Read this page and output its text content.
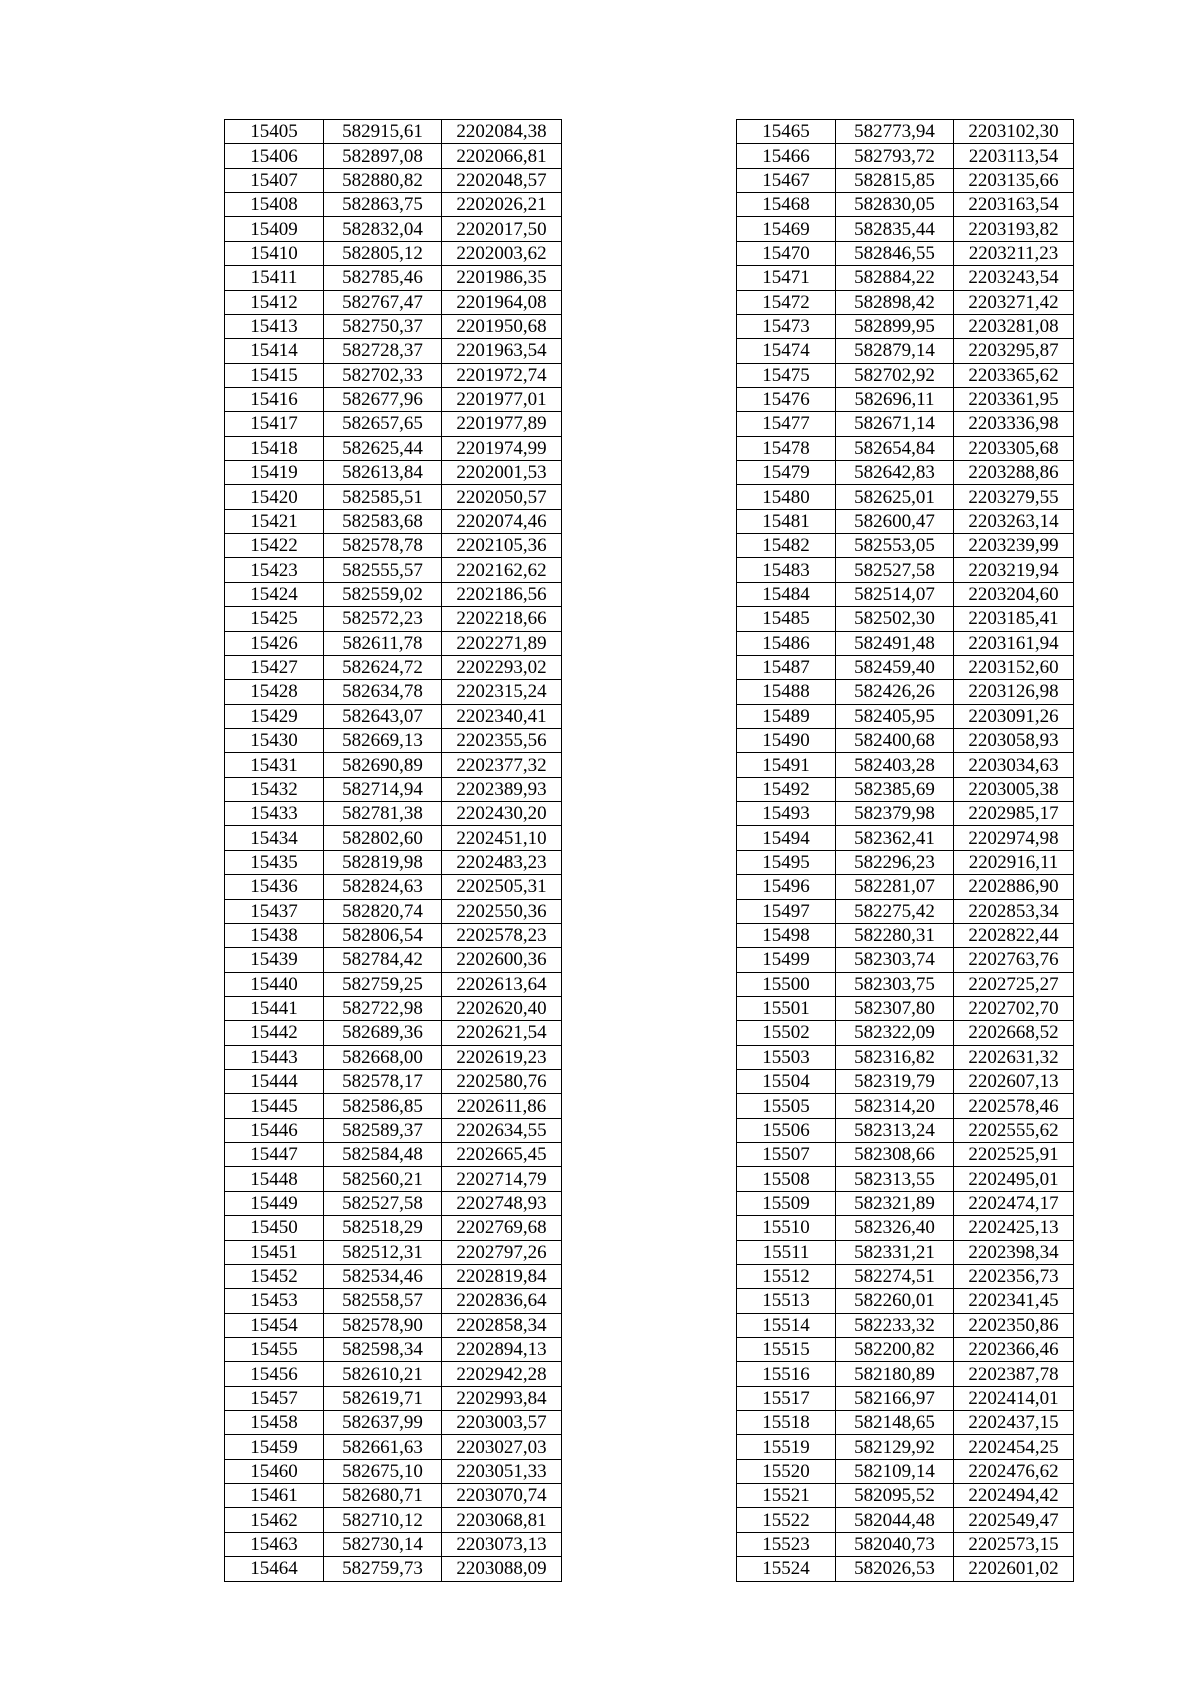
15405	582915,61	2202084,38
15406	582897,08	2202066,81
15407	582880,82	2202048,57
15408	582863,75	2202026,21
15409	582832,04	2202017,50
15410	582805,12	2202003,62
15411	582785,46	2201986,35
15412	582767,47	2201964,08
15413	582750,37	2201950,68
15414	582728,37	2201963,54
15415	582702,33	2201972,74
15416	582677,96	2201977,01
15417	582657,65	2201977,89
15418	582625,44	2201974,99
15419	582613,84	2202001,53
15420	582585,51	2202050,57
15421	582583,68	2202074,46
15422	582578,78	2202105,36
15423	582555,57	2202162,62
15424	582559,02	2202186,56
15425	582572,23	2202218,66
15426	582611,78	2202271,89
15427	582624,72	2202293,02
15428	582634,78	2202315,24
15429	582643,07	2202340,41
15430	582669,13	2202355,56
15431	582690,89	2202377,32
15432	582714,94	2202389,93
15433	582781,38	2202430,20
15434	582802,60	2202451,10
15435	582819,98	2202483,23
15436	582824,63	2202505,31
15437	582820,74	2202550,36
15438	582806,54	2202578,23
15439	582784,42	2202600,36
15440	582759,25	2202613,64
15441	582722,98	2202620,40
15442	582689,36	2202621,54
15443	582668,00	2202619,23
15444	582578,17	2202580,76
15445	582586,85	2202611,86
15446	582589,37	2202634,55
15447	582584,48	2202665,45
15448	582560,21	2202714,79
15449	582527,58	2202748,93
15450	582518,29	2202769,68
15451	582512,31	2202797,26
15452	582534,46	2202819,84
15453	582558,57	2202836,64
15454	582578,90	2202858,34
15455	582598,34	2202894,13
15456	582610,21	2202942,28
15457	582619,71	2202993,84
15458	582637,99	2203003,57
15459	582661,63	2203027,03
15460	582675,10	2203051,33
15461	582680,71	2203070,74
15462	582710,12	2203068,81
15463	582730,14	2203073,13
15464	582759,73	2203088,09
15465	582773,94	2203102,30
15466	582793,72	2203113,54
15467	582815,85	2203135,66
15468	582830,05	2203163,54
15469	582835,44	2203193,82
15470	582846,55	2203211,23
15471	582884,22	2203243,54
15472	582898,42	2203271,42
15473	582899,95	2203281,08
15474	582879,14	2203295,87
15475	582702,92	2203365,62
15476	582696,11	2203361,95
15477	582671,14	2203336,98
15478	582654,84	2203305,68
15479	582642,83	2203288,86
15480	582625,01	2203279,55
15481	582600,47	2203263,14
15482	582553,05	2203239,99
15483	582527,58	2203219,94
15484	582514,07	2203204,60
15485	582502,30	2203185,41
15486	582491,48	2203161,94
15487	582459,40	2203152,60
15488	582426,26	2203126,98
15489	582405,95	2203091,26
15490	582400,68	2203058,93
15491	582403,28	2203034,63
15492	582385,69	2203005,38
15493	582379,98	2202985,17
15494	582362,41	2202974,98
15495	582296,23	2202916,11
15496	582281,07	2202886,90
15497	582275,42	2202853,34
15498	582280,31	2202822,44
15499	582303,74	2202763,76
15500	582303,75	2202725,27
15501	582307,80	2202702,70
15502	582322,09	2202668,52
15503	582316,82	2202631,32
15504	582319,79	2202607,13
15505	582314,20	2202578,46
15506	582313,24	2202555,62
15507	582308,66	2202525,91
15508	582313,55	2202495,01
15509	582321,89	2202474,17
15510	582326,40	2202425,13
15511	582331,21	2202398,34
15512	582274,51	2202356,73
15513	582260,01	2202341,45
15514	582233,32	2202350,86
15515	582200,82	2202366,46
15516	582180,89	2202387,78
15517	582166,97	2202414,01
15518	582148,65	2202437,15
15519	582129,92	2202454,25
15520	582109,14	2202476,62
15521	582095,52	2202494,42
15522	582044,48	2202549,47
15523	582040,73	2202573,15
15524	582026,53	2202601,02
